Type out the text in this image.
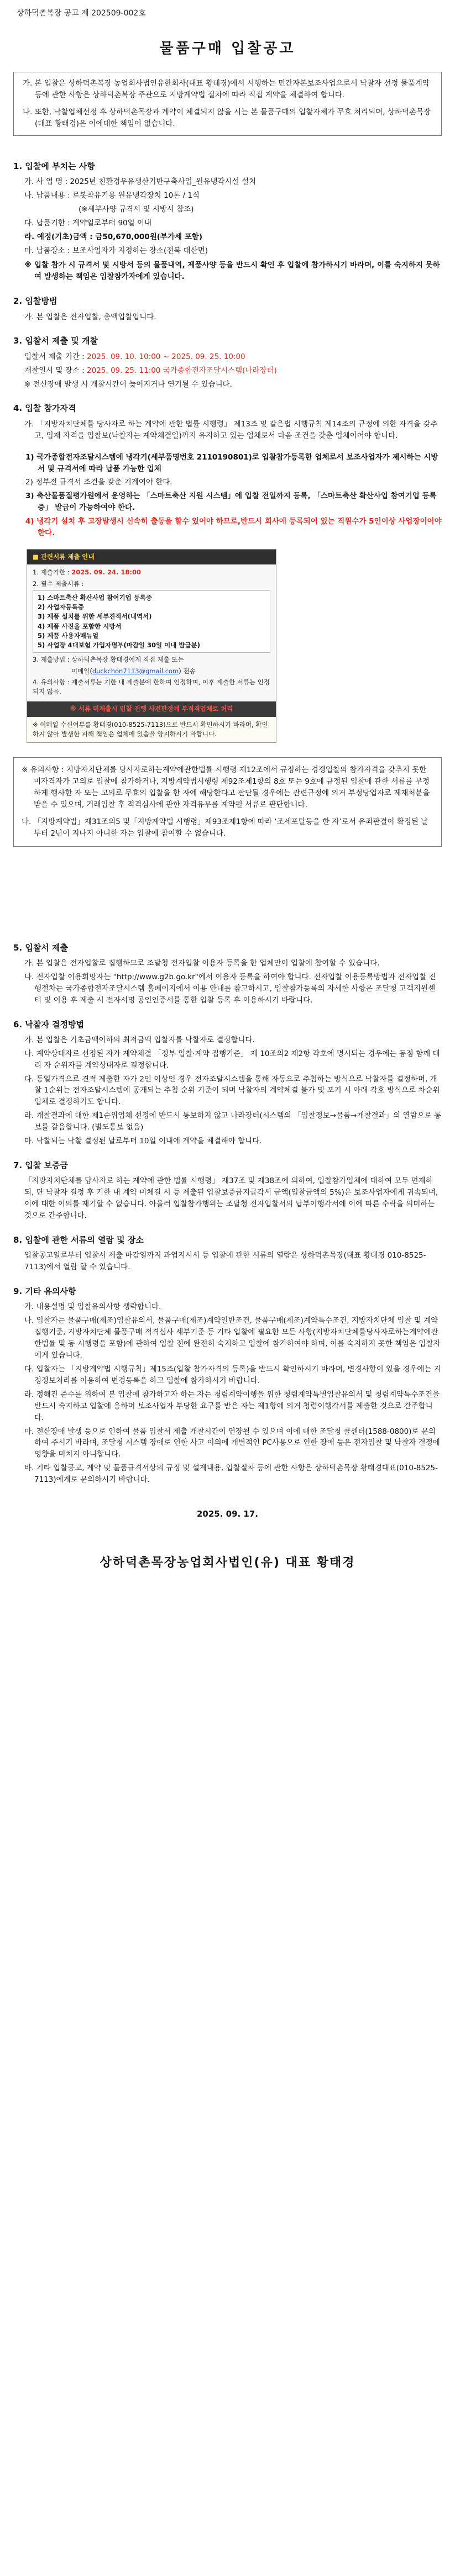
상하덕촌복장 공고 제 202509-002호
물품구매 입찰공고

가. 본 입찰은 상하덕촌복장 농업회사법인유한회사(대표 황태경)에서 시행하는 민간자본보조사업으로서 낙찰자 선정 물품계약 등에 관한 사항은 상하덕촌복장 주관으로 지방계약법 절차에 따라 직접 계약을 체결하여 합니다.

나. 또한, 낙찰업체선정 후 상하덕촌목장과 계약이 체결되지 않을 시는 본 물품구매의 입찰자체가 무효 처리되며, 상하덕촌목장(대표 황태경)은 이에대한 책임이 없습니다.

1. 입찰에 부치는 사항

가. 사 업 명 : 2025년 친환경우유생산기반구축사업_원유냉각시설 설치

나. 납품내용 : 로봇착유기용 원유냉각장치 10톤 / 1식

(※세부사양 규격서 및 시방서 참조)

다. 납품기한 : 계약일로부터 90일 이내

라. 예정(기초)금액 : 금50,670,000원(부가세 포함)

마. 납품장소 : 보조사업자가 지정하는 장소(전북 대산면)

※ 입찰 참가 시 규격서 및 시방서 등의 물품내역, 제품사양 등을 반드시 확인 후 입찰에 참가하시기 바라며, 이를 숙지하지 못하여 발생하는 책임은 입찰참가자에게 있습니다.

2. 입찰방법

가. 본 입찰은 전자입찰, 총액입찰입니다.

3. 입찰서 제출 및 개찰

입찰서 제출 기간 : 2025. 09. 10. 10:00 ~ 2025. 09. 25. 10:00

개찰일시 및 장소 : 2025. 09. 25. 11:00 국가종합전자조달시스템(나라장터)

※ 전산장애 발생 시 개찰시간이 늦어지거나 연기될 수 있습니다.

4. 입찰 참가자격

가. 「지방자치단체를 당사자로 하는 계약에 관한 법률 시행령」 제13조 및 같은법 시행규칙 제14조의 규정에 의한 자격을 갖추고, 입재 자격을 입찰보(낙찰자는 계약체결일)까지 유지하고 있는 업체로서 다음 조건을 갖춘 업체이어야 합니다.

1) 국가종합전자조달시스템에 냉각기(세부품명번호 2110190801)로 입찰참가등록한 업체로서 보조사업자가 제시하는 시방서 및 규격서에 따라 납품 가능한 업체

2) 정부전 규격서 조건을 갖춘 기계여야 한다.

3) 축산물품질평가원에서 운영하는 「스마트축산 지원 시스템」에 입찰 전일까지 등록, 「스마트축산 확산사업 참여기업 등록증」 발급이 가능하여야 한다.

4) 냉각기 설치 후 고장발생시 신속히 출동을 할수 있어야 하므로,반드시 회사에 등록되어 있는 직원수가 5인이상 사업장이어야 한다.

■ 관련서류 제출 안내

1. 제출기한 : 2025. 09. 24. 18:00

2. 필수 제출서류 :

1) 스마트축산 확산사업 참여기업 등록증
2) 사업자등록증
3) 제품 설치를 위한 세부견적서(내역서)
4) 제품 사진을 포함한 시방서
5) 제품 사용자매뉴얼
5) 사업장 4대보험 가입자명부(마감일 30일 이내 발급분)

3. 제출방법 : 상하덕촌목장 황태경에게 직접 제출 또는

이메일(duckchon7113@gmail.com) 전송

4. 유의사항 : 제출서류는 기한 내 제출분에 한하여 인정하며, 이후 제출한 서류는 인정되지 않음.

※ 서류 미제출시 입찰 진행 사전판정에 부적격업체로 처리
※ 이메일 수신여부를 황태경(010-8525-7113)으로 반드시 확인하시기 바라며, 확인하지 않아 발생한 피해 책임은 업체에 있음을 양지하시기 바랍니다.

※ 유의사항 : 지방자치단체를 당사자로하는계약에관한법률 시행령 제12조에서 규정하는 경쟁입찰의 참가자격을 갖추지 못한 미자격자가 고의로 입찰에 참가하거나, 지방계약법시행령 제92조제1항의 8호 또는 9호에 규정된 입찰에 관한 서류를 부정하게 행사한 자 또는 고의로 무효의 입찰을 한 자에 해당한다고 판단될 경우에는 관련규정에 의거 부정당업자로 제재처분을 받을 수 있으며, 거래입찰 후 적격심사에 관한 자격유무를 계약될 서류로 판단합니다.

나. 「지방계약법」제31조의5 및「지방계약법 시행령」제93조제1항에 따라 ‘조세포탈등을 한 자’로서 유죄판결이 확정된 날부터 2년이 지나지 아니한 자는 입찰에 참여할 수 없습니다.

5. 입찰서 제출

가. 본 입찰은 전자입찰로 집행하므로 조달청 전자입찰 이용자 등록을 한 업체만이 입찰에 참여할 수 있습니다.

나. 전자입찰 이용희망자는 "http://www.g2b.go.kr"에서 이용자 등록을 하여야 합니다. 전자입찰 이용등록방법과 전자입찰 진행절차는 국가종합전자조달시스템 홈페이지에서 이용 안내를 참고하시고, 입찰참가등록의 자세한 사항은 조달청 고객지원센터 및 이용 후 제출 시 전자서명 공인인증서를 통한 입찰 등록 후 이용하시기 바랍니다.

6. 낙찰자 결정방법

가. 본 입찰은 기초금액이하의 최저금액 입찰자를 낙찰자로 결정합니다.

나. 계약상대자로 선정된 자가 계약체결 「정부 입찰·계약 집행기준」 제 10조의2 제2항 각호에 명시되는 경우에는 동점 함께 대리 자 순위자를 계약상대자로 결정합니다.

다. 동일가격으로 견적 제출한 자가 2인 이상인 경우 전자조달시스템을 통해 자동으로 추첨하는 방식으로 낙찰자를 결정하며, 개찰 1순위는 전자조달시스템에 공개되는 추첨 순위 기준이 되며 낙찰자의 계약체결 불가 및 포기 시 아래 각호 방식으로 차순위 업체로 결정하기도 합니다.

라. 개찰결과에 대한 제1순위업체 선정에 반드시 통보하지 않고 나라장터(시스템의 「입찰정보→물품→개찰결과」의 열람으로 통보를 갈음합니다. (별도통보 없음)

마. 낙찰되는 낙찰 결정된 날로부터 10일 이내에 계약을 체결해야 합니다.

7. 입찰 보증금

「지방자치단체를 당사자로 하는 계약에 관한 법률 시행령」 제37조 및 제38조에 의하여, 입찰참가업체에 대하여 모두 면제하되, 단 낙찰자 결정 후 기한 내 계약 미체결 시 등 제출된 입찰보증금지급각서 금액(입찰금액의 5%)은 보조사업자에게 귀속되며, 이에 대한 이의를 제기할 수 없습니다. 아울러 입찰참가행위는 조달청 전자입찰서의 납부이행각서에 이에 따른 수락을 의미하는 것으로 간주합니다.

8. 입찰에 관한 서류의 열람 및 장소

입찰공고일로부터 입찰서 제출 마감일까지 과업지시서 등 입찰에 관한 서류의 열람은 상하덕촌목장(대표 황태경 010-8525-7113)에서 열람 할 수 있습니다.

9. 기타 유의사항

가. 내용설명 및 입찰유의사항 생략합니다.

나. 입찰자는 물품구매(제조)입찰유의서, 물품구매(제조)계약일반조건, 물품구매(제조)계약특수조건, 지방자치단체 입찰 및 계약집행기준, 지방자치단체 물품구매 적격심사 세부기준 등 기타 입찰에 필요한 모든 사항(지방자치단체를당사자로하는계약에관한법률 및 동 시행령을 포함)에 관하여 입찰 전에 완전히 숙지하고 입찰에 참가하여야 하며, 이를 숙지하지 못한 책임은 입찰자에게 있습니다.

다. 입찰자는 「지방계약법 시행규칙」제15조(입찰 참가자격의 등록)을 반드시 확인하시기 바라며, 변경사항이 있을 경우에는 지정정보처리를 이용하여 변경등록을 하고 입찰에 참가하시기 바랍니다.

라. 정해진 준수를 위하여 본 입찰에 참가하고자 하는 자는 청렴계약이행을 위한 청렴계약특별입찰유의서 및 청렴계약특수조건을 반드시 숙지하고 입찰에 응하며 보조사업자 부당한 요구를 받은 자는 제1항에 의거 청렴이행각서를 제출한 것으로 간주합니다.

마. 전산장애 발생 등으로 인하여 물품 입찰서 제출 개찰시간이 연장될 수 있으며 이에 대한 조달청 콜센터(1588-0800)로 문의하여 주시기 바라며, 조달청 시스템 장애로 인한 사고 이외에 개별적인 PC사용으로 인한 장애 등은 전자입찰 및 낙찰자 결정에 영향을 미치지 아니합니다.

바. 기타 입찰공고, 계약 및 물품규격서상의 규정 및 설계내용, 입찰절차 등에 관한 사항은 상하덕촌목장 황태경대표(010-8525-7113)에게로 문의하시기 바랍니다.

2025. 09. 17.
상하덕촌목장농업회사법인(유) 대표 황태경
